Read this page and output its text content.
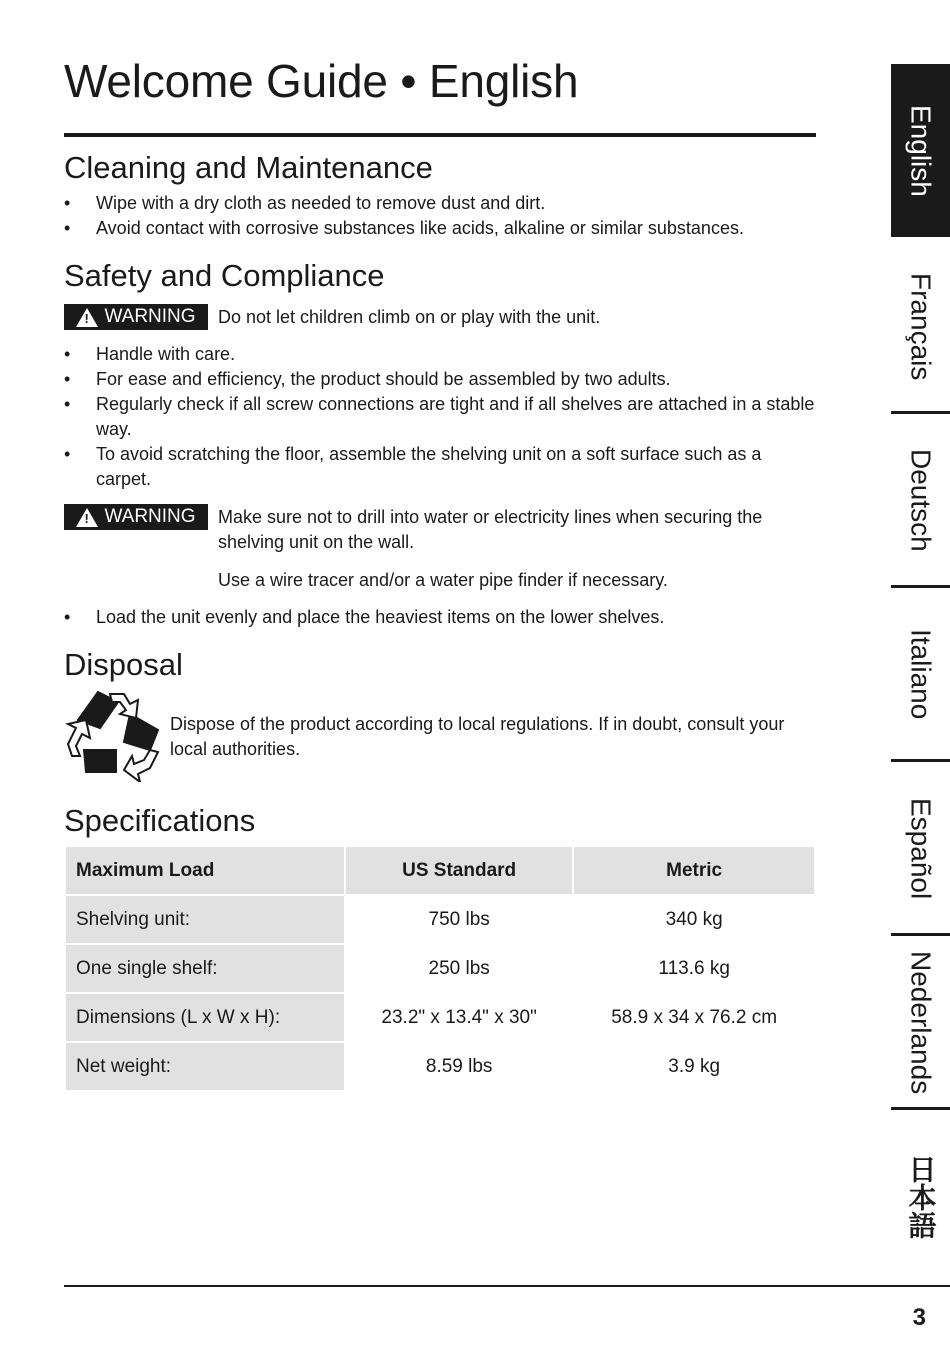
Welcome Guide • English
Cleaning and Maintenance
• Wipe with a dry cloth as needed to remove dust and dirt.
• Avoid contact with corrosive substances like acids, alkaline or similar substances.
Safety and Compliance
! WARNING Do not let children climb on or play with the unit.

• Handle with care.
• For ease and efficiency, the product should be assembled by two adults.
• Regularly check if all screw connections are tight and if all shelves are attached in a stable way.
• To avoid scratching the floor, assemble the shelving unit on a soft surface such as a carpet.
! WARNING Make sure not to drill into water or electricity lines when securing the shelving unit on the wall.

Use a wire tracer and/or a water pipe finder if necessary.

• Load the unit evenly and place the heaviest items on the lower shelves.
Disposal

Dispose of the product according to local regulations. If in doubt, consult your local authorities.

Specifications
Maximum Load	US Standard	Metric
Shelving unit:	750 lbs	340 kg
One single shelf:	250 lbs	113.6 kg
Dimensions (L x W x H):	23.2" x 13.4" x 30"	58.9 x 34 x 76.2 cm
Net weight:	8.59 lbs	3.9 kg
English
Français
Deutsch
Italiano
Español
Nederlands
日本語
3
